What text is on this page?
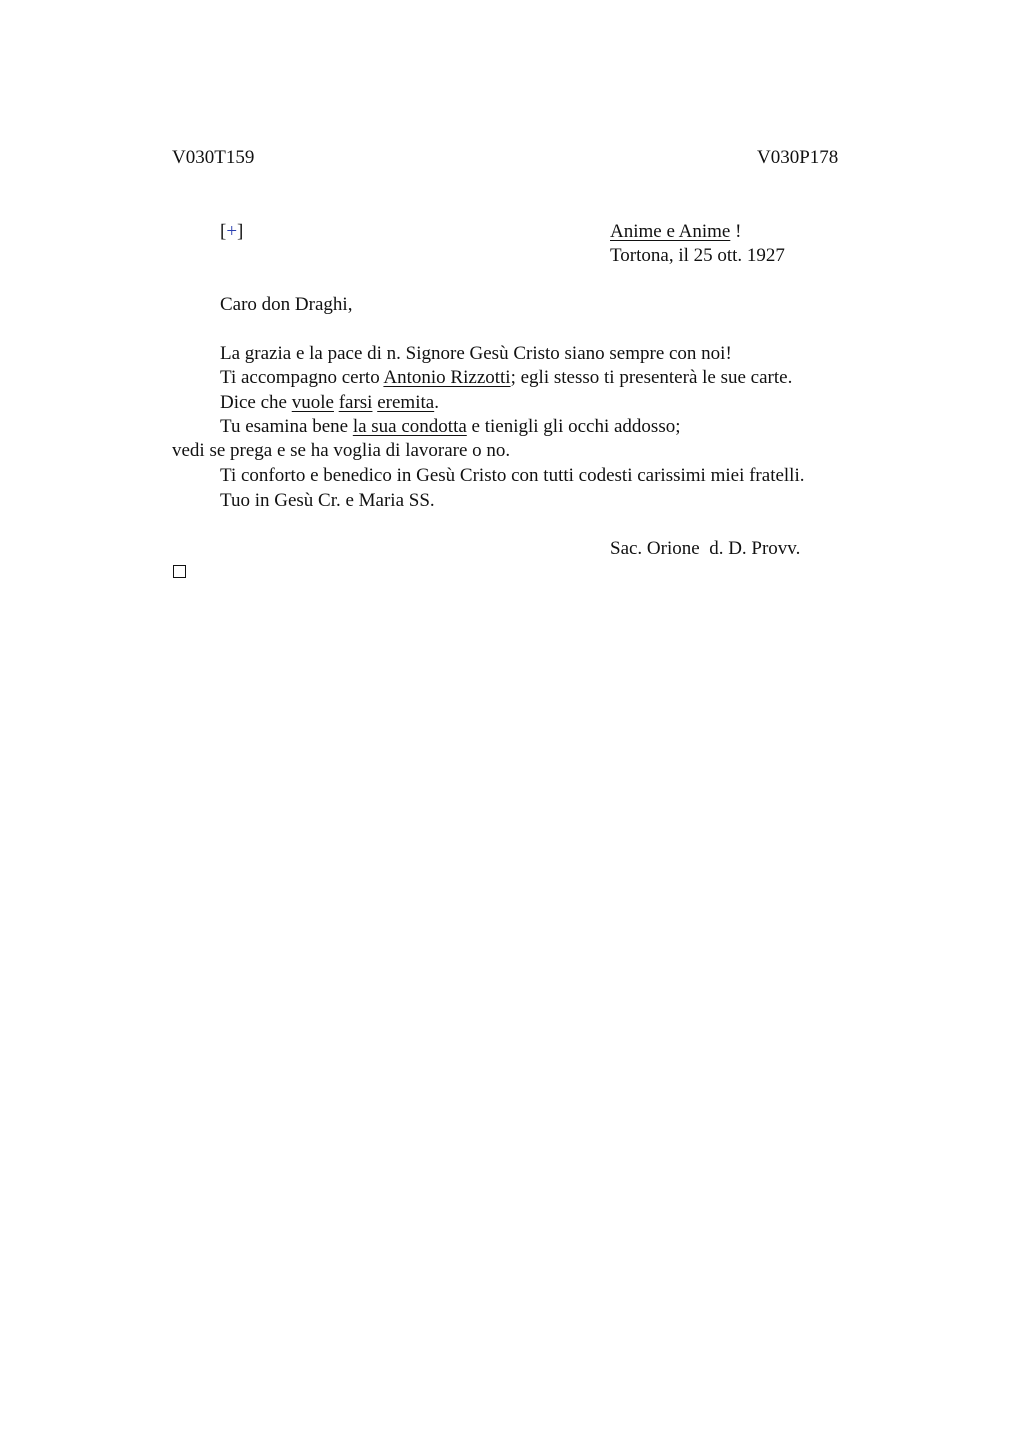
V030T159	V030P178
[+]	Anime e Anime !
Tortona, il 25 ott. 1927
Caro don Draghi,
La grazia e la pace di n. Signore Gesù Cristo siano sempre con noi!
Ti accompagno certo Antonio Rizzotti; egli stesso ti presenterà le sue carte.
Dice che vuole farsi eremita.
Tu esamina bene la sua condotta e tienigli gli occhi addosso;
vedi se prega e se ha voglia di lavorare o no.
Ti conforto e benedico in Gesù Cristo con tutti codesti carissimi miei fratelli.
Tuo in Gesù Cr. e Maria SS.
Sac. Orione  d. D. Provv.
